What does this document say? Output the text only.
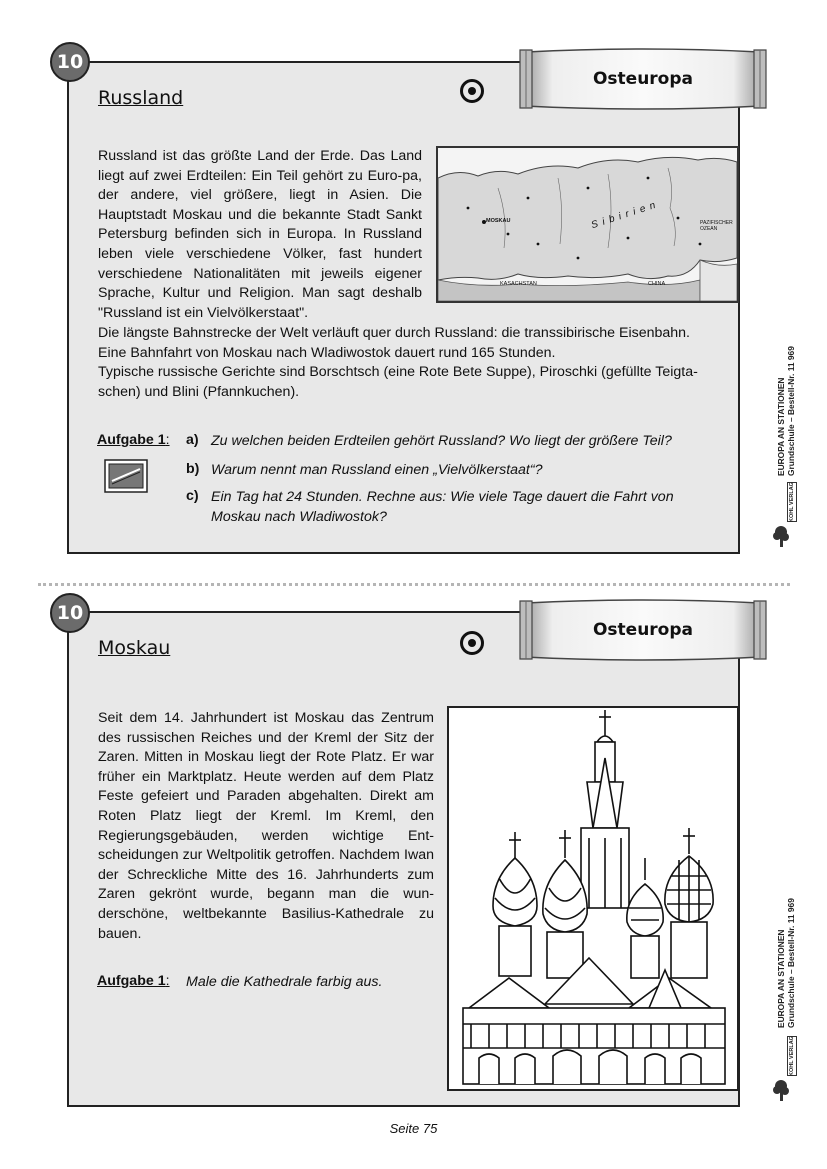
10
Russland
Osteuropa

Russland ist das größte Land der Erde. Das Land liegt auf zwei Erdteilen: Ein Teil gehört zu Euro-pa, der andere, viel größere, liegt in Asien. Die Hauptstadt Moskau und die bekannte Stadt Sankt Petersburg befinden sich in Europa. In Russland leben viele verschiedene Völker, fast hundert verschiedene Nationalitäten mit jeweils eigener Sprache, Kultur und Religion. Man sagt deshalb "Russland ist ein Vielvölkerstaat".

S i b i r i e n
MOSKAU	PAZIFISCHER OZEAN
KASACHSTAN	CHINA

Die längste Bahnstrecke der Welt verläuft quer durch Russland: die transsibirische Eisenbahn.

Eine Bahnfahrt von Moskau nach Wladiwostok dauert rund 165 Stunden.

Typische russische Gerichte sind Borschtsch (eine Rote Bete Suppe), Piroschki (gefüllte Teigta-schen) und Blini (Pfannkuchen).

Aufgabe 1: a) Zu welchen beiden Erdteilen gehört Russland? Wo liegt der größere Teil?
b) Warum nennt man Russland einen „Vielvölkerstaat“?
c) Ein Tag hat 24 Stunden. Rechne aus: Wie viele Tage dauert die Fahrt von Moskau nach Wladiwostok?
EUROPA AN STATIONEN Grundschule – Bestell-Nr. 11 969
KOHL VERLAG
10
Moskau
Osteuropa

Seit dem 14. Jahrhundert ist Moskau das Zentrum des russischen Reiches und der Kreml der Sitz der Zaren. Mitten in Moskau liegt der Rote Platz. Er war früher ein Marktplatz. Heute werden auf dem Platz Feste gefeiert und Paraden abgehalten. Direkt am Roten Platz liegt der Kreml. Im Kreml, den Regierungsgebäuden, werden wichtige Ent-scheidungen zur Weltpolitik getroffen. Nachdem Iwan der Schreckliche Mitte des 16. Jahrhunderts zum Zaren gekrönt wurde, begann man die wun-derschöne, weltbekannte Basilius-Kathedrale zu bauen.

Aufgabe 1: Male die Kathedrale farbig aus.	EUROPA AN STATIONEN Grundschule – Bestell-Nr. 11 969
KOHL VERLAG
Seite 75
